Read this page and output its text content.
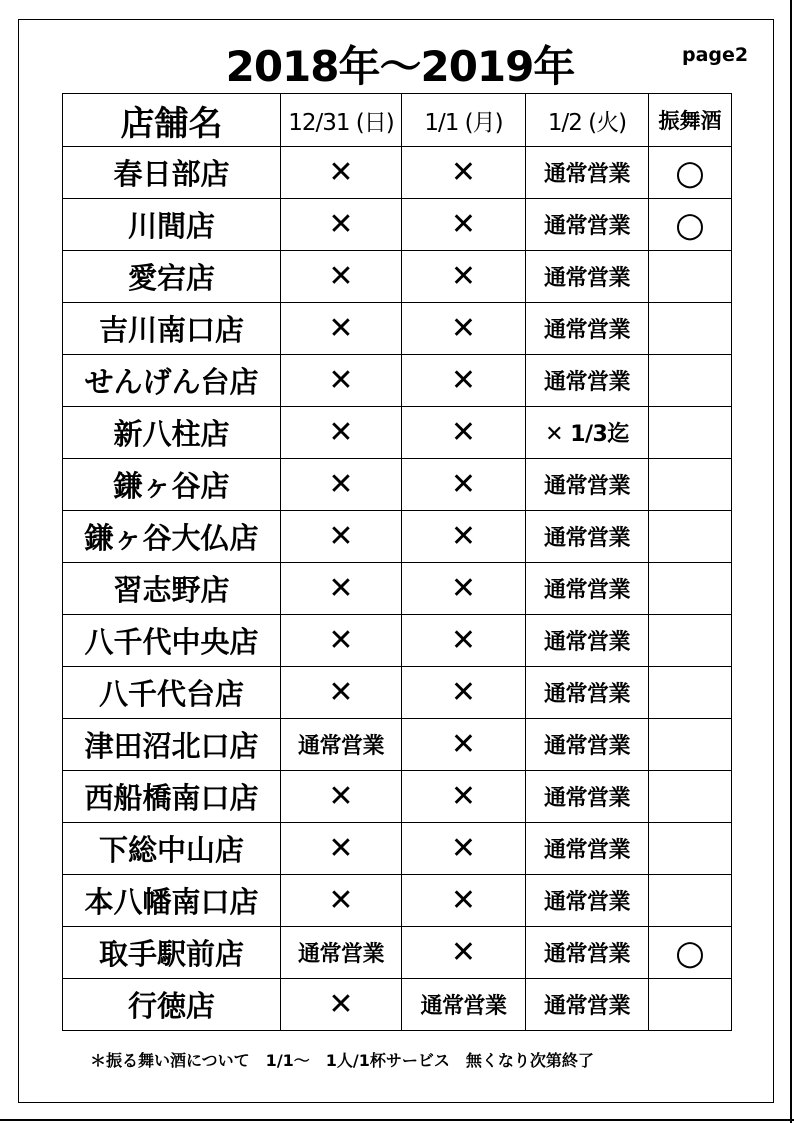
2018年～2019年	page2
店舗名	12/31 (日)	1/1 (月)	1/2 (火)	振舞酒
春日部店	✕	✕	通常営業	○
川間店	✕	✕	通常営業	○
愛宕店	✕	✕	通常営業	
吉川南口店	✕	✕	通常営業	
せんげん台店	✕	✕	通常営業	
新八柱店	✕	✕	✕ 1/3迄	
鎌ヶ谷店	✕	✕	通常営業	
鎌ヶ谷大仏店	✕	✕	通常営業	
習志野店	✕	✕	通常営業	
八千代中央店	✕	✕	通常営業	
八千代台店	✕	✕	通常営業	
津田沼北口店	通常営業	✕	通常営業	
西船橋南口店	✕	✕	通常営業	
下総中山店	✕	✕	通常営業	
本八幡南口店	✕	✕	通常営業	
取手駅前店	通常営業	✕	通常営業	○
行徳店	✕	通常営業	通常営業	
＊振る舞い酒について　1/1～　1人/1杯サービス　無くなり次第終了
